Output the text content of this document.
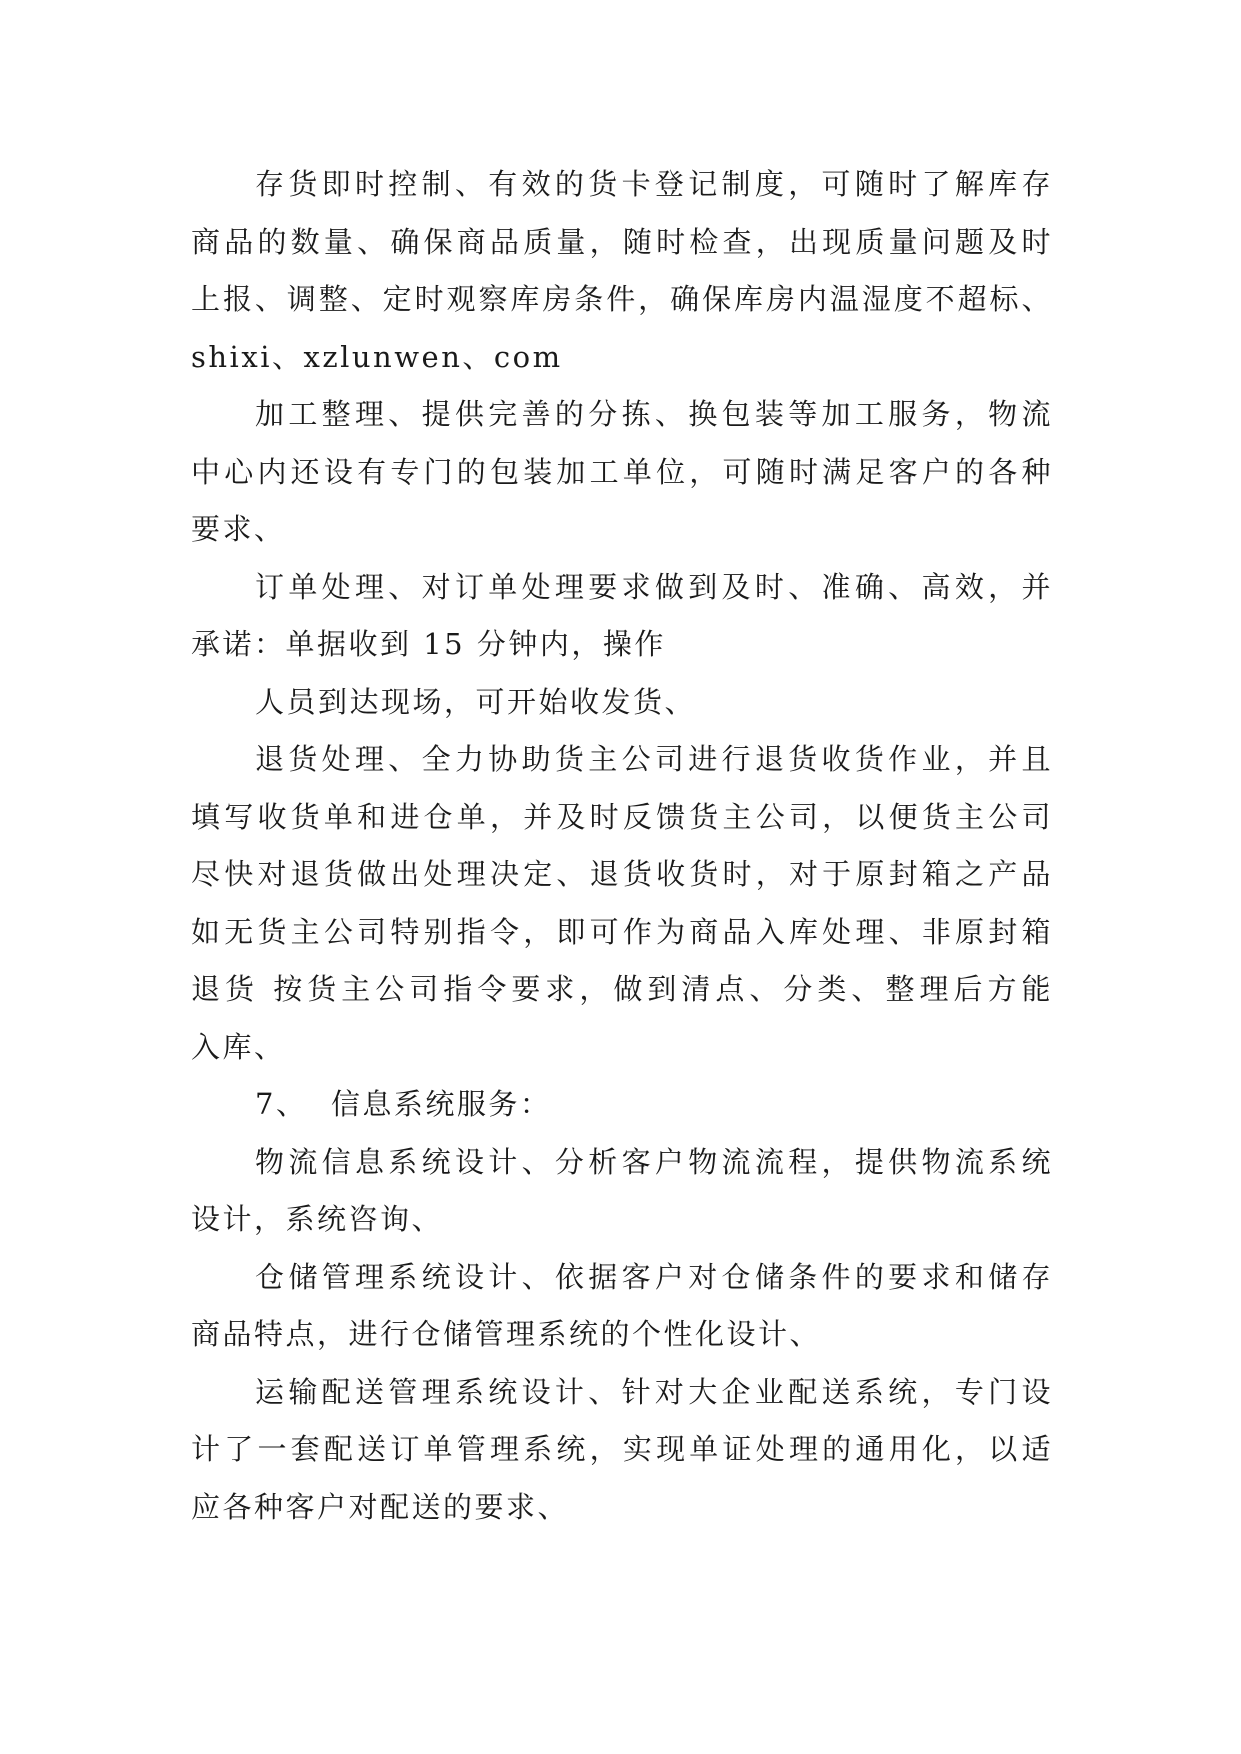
存货即时控制、有效的货卡登记制度，可随时了解库存
商品的数量、确保商品质量，随时检查，出现质量问题及时
上报、调整、定时观察库房条件，确保库房内温湿度不超标、
shixi、xzlunwen、com
加工整理、提供完善的分拣、换包装等加工服务，物流
中心内还设有专门的包装加工单位，可随时满足客户的各种
要求、
订单处理、对订单处理要求做到及时、准确、高效，并
承诺：单据收到 15 分钟内，操作
人员到达现场，可开始收发货、
退货处理、全力协助货主公司进行退货收货作业，并且
填写收货单和进仓单，并及时反馈货主公司，以便货主公司
尽快对退货做出处理决定、退货收货时，对于原封箱之产品
如无货主公司特别指令，即可作为商品入库处理、非原封箱
退货 按货主公司指令要求，做到清点、分类、整理后方能
入库、
7、  信息系统服务：
物流信息系统设计、分析客户物流流程，提供物流系统
设计，系统咨询、
仓储管理系统设计、依据客户对仓储条件的要求和储存
商品特点，进行仓储管理系统的个性化设计、
运输配送管理系统设计、针对大企业配送系统，专门设
计了一套配送订单管理系统，实现单证处理的通用化，以适
应各种客户对配送的要求、
